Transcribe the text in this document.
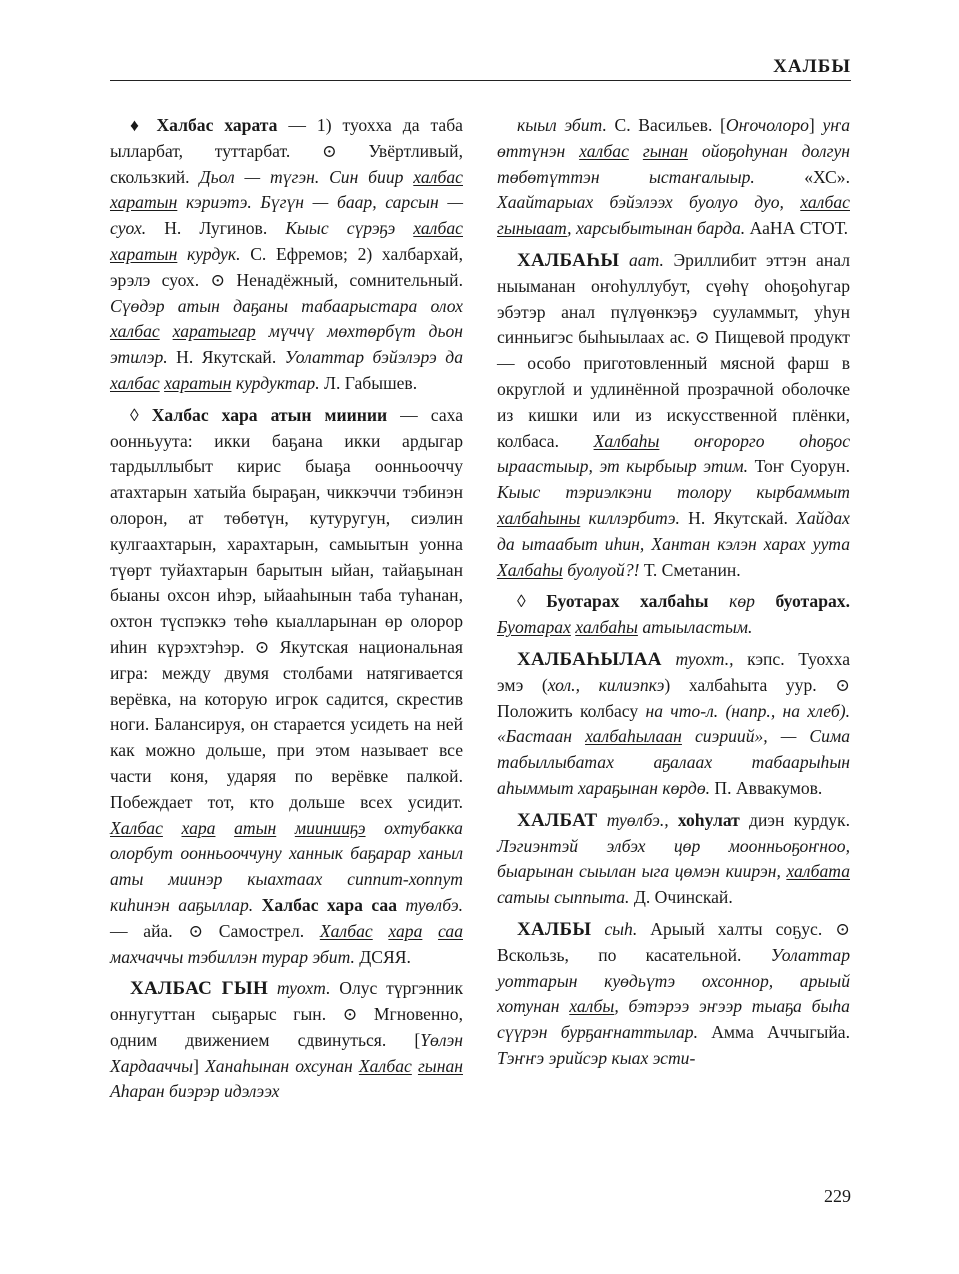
ХАЛБЫ

♦ Халбас харата — 1) туохха да таба ылларбат, туттарбат. ⊙ Увёртливый, скользкий. Дьол — түгэн. Син биир халбас харатын кэриэтэ. Бүгүн — баар, сарсын — суох. Н. Лугинов. Кыыс сүрэҕэ халбас харатын курдук. С. Ефремов; 2) халбархай, эрэлэ суох. ⊙ Ненадёжный, сомнительный. Сүөдэр атын даҕаны табаарыстара олох халбас харатыгар мүччү мөхтөрбүт дьон этилэр. Н. Якутскай. Уолаттар бэйэлэрэ да халбас харатын курдуктар. Л. Габышев.

◊ Халбас хара атын миинии — саха оонньуута: икки баҕана икки ардыгар тардыллыбыт кирис быаҕа оонньооччу атахтарын хатыйа быраҕан, чиккэччи тэбинэн олорон, ат төбөтүн, кутуругун, сиэлин кулгаахтарын, харахтарын, самыытын уонна түөрт туйахтарын барытын ыйан, тайаҕынан быаны охсон иһэр, ыйааһынын таба туһанан, охтон түспэккэ төһө кыалларынан өр олорор иһин күрэхтэһэр. ⊙ Якутская национальная игра: между двумя столбами натягивается верёвка, на которую игрок садится, скрестив ноги. Балансируя, он старается усидеть на ней как можно дольше, при этом называет все части коня, ударяя по верёвке палкой. Побеждает тот, кто дольше всех усидит. Халбас хара атын миинииҕэ охтубакка олорбут оонньооччуну ханнык баҕарар ханыл аты миинэр кыахтаах сиппит-хоппут киһинэн ааҕыллар. Халбас хара саа туөлбэ. — айа. ⊙ Самострел. Халбас хара саа махчаччы тэбиллэн турар эбит. ДСЯЯ.

ХАЛБАС ГЫН туохт. Олус түргэнник оннугуттан сыҕарыс гын. ⊙ Мгновенно, одним движением сдвинуться. [Үөлэн Хардааччы] Ханаһынан охсунан Халбас гынан Аһаран биэрэр идэлээх

кыыл эбит. С. Васильев. [Оҥочолоро] уҥа өттүнэн халбас гынан ойоҕоһунан долгун төбөтүттэн ыстаҥалыыр. «ХС». Хаайтарыах бэйэлээх буолуо дуо, халбас гыныаат, харсыбытынан барда. АаНА СТОТ.

ХАЛБАҺЫ аат. Эриллибит эттэн анал ныыманан оҥоһуллубут, сүөһү оһоҕоһугар эбэтэр анал пүлүөнкэҕэ сууламмыт, уһун синньигэс быһыылаах ас. ⊙ Пищевой продукт — особо приготовленный мясной фарш в округлой и удлинённой прозрачной оболочке из кишки или из искусственной плёнки, колбаса. Халбаһы оҥорорго оһоҕос ыраастыыр, эт кырбыыр этим. Тоҥ Суорун. Кыыс тэриэлкэни толору кырбаммыт халбаһыны киллэрбитэ. Н. Якутскай. Хайдах да ытаабыт иһин, Хантан кэлэн харах уута Халбаһы буолуой?! Т. Сметанин.

◊ Буотарах халбаһы көр буотарах. Буотарах халбаһы атыыластым.

ХАЛБАҺЫЛАА туохт., кэпс. Туохха эмэ (хол., килиэпкэ) халбаһыта уур. ⊙ Положить колбасу на что-л. (напр., на хлеб). «Бастаан халбаһылаан сиэриий», — Сима табыллыбатах аҕалаах табаарыһын аһыммыт хараҕынан көрдө. П. Аввакумов.

ХАЛБАТ туөлбэ., хоһулат диэн курдук. Лэгиэнтэй элбэх цөр моонньоҕоҥноо, быарынан сыылан ыга цөмэн киирэн, халбата сатыы сыппыта. Д. Очинскай.

ХАЛБЫ сыһ. Арыый халты соҕус. ⊙ Вскользь, по касательной. Уолаттар уоттарын куөдьүтэ охсоннор, арыый хотунан халбы, бэтэрээ эҥээр тыаҕа быһа сүүрэн бурҕаҥнаттылар. Амма Аччыгыйа. Тэҥҥэ эрийсэр кыах эсти-

229
